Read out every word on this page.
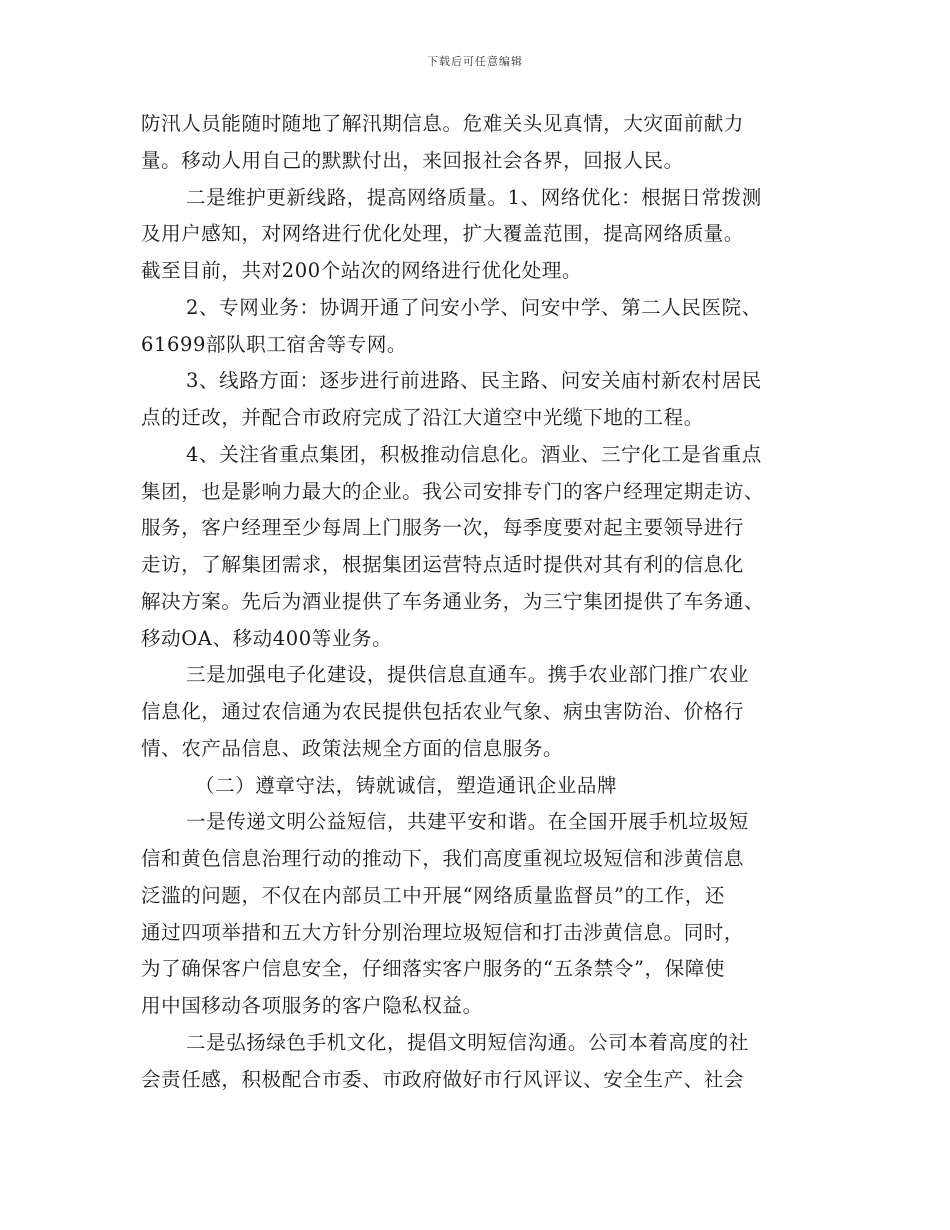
下载后可任意编辑
防汛人员能随时随地了解汛期信息。危难关头见真情，大灾面前献力
量。移动人用自己的默默付出，来回报社会各界，回报人民。
二是维护更新线路，提高网络质量。1、网络优化：根据日常拨测
及用户感知，对网络进行优化处理，扩大覆盖范围，提高网络质量。
截至目前，共对200个站次的网络进行优化处理。
2、专网业务：协调开通了问安小学、问安中学、第二人民医院、
61699部队职工宿舍等专网。
3、线路方面：逐步进行前进路、民主路、问安关庙村新农村居民
点的迁改，并配合市政府完成了沿江大道空中光缆下地的工程。
4、关注省重点集团，积极推动信息化。酒业、三宁化工是省重点
集团，也是影响力最大的企业。我公司安排专门的客户经理定期走访、
服务，客户经理至少每周上门服务一次，每季度要对起主要领导进行
走访，了解集团需求，根据集团运营特点适时提供对其有利的信息化
解决方案。先后为酒业提供了车务通业务，为三宁集团提供了车务通、
移动OA、移动400等业务。
三是加强电子化建设，提供信息直通车。携手农业部门推广农业
信息化，通过农信通为农民提供包括农业气象、病虫害防治、价格行
情、农产品信息、政策法规全方面的信息服务。
（二）遵章守法，铸就诚信，塑造通讯企业品牌
一是传递文明公益短信，共建平安和谐。在全国开展手机垃圾短
信和黄色信息治理行动的推动下，我们高度重视垃圾短信和涉黄信息
泛滥的问题，不仅在内部员工中开展“网络质量监督员”的工作，还
通过四项举措和五大方针分别治理垃圾短信和打击涉黄信息。同时，
为了确保客户信息安全，仔细落实客户服务的“五条禁令”，保障使
用中国移动各项服务的客户隐私权益。
二是弘扬绿色手机文化，提倡文明短信沟通。公司本着高度的社
会责任感，积极配合市委、市政府做好市行风评议、安全生产、社会
